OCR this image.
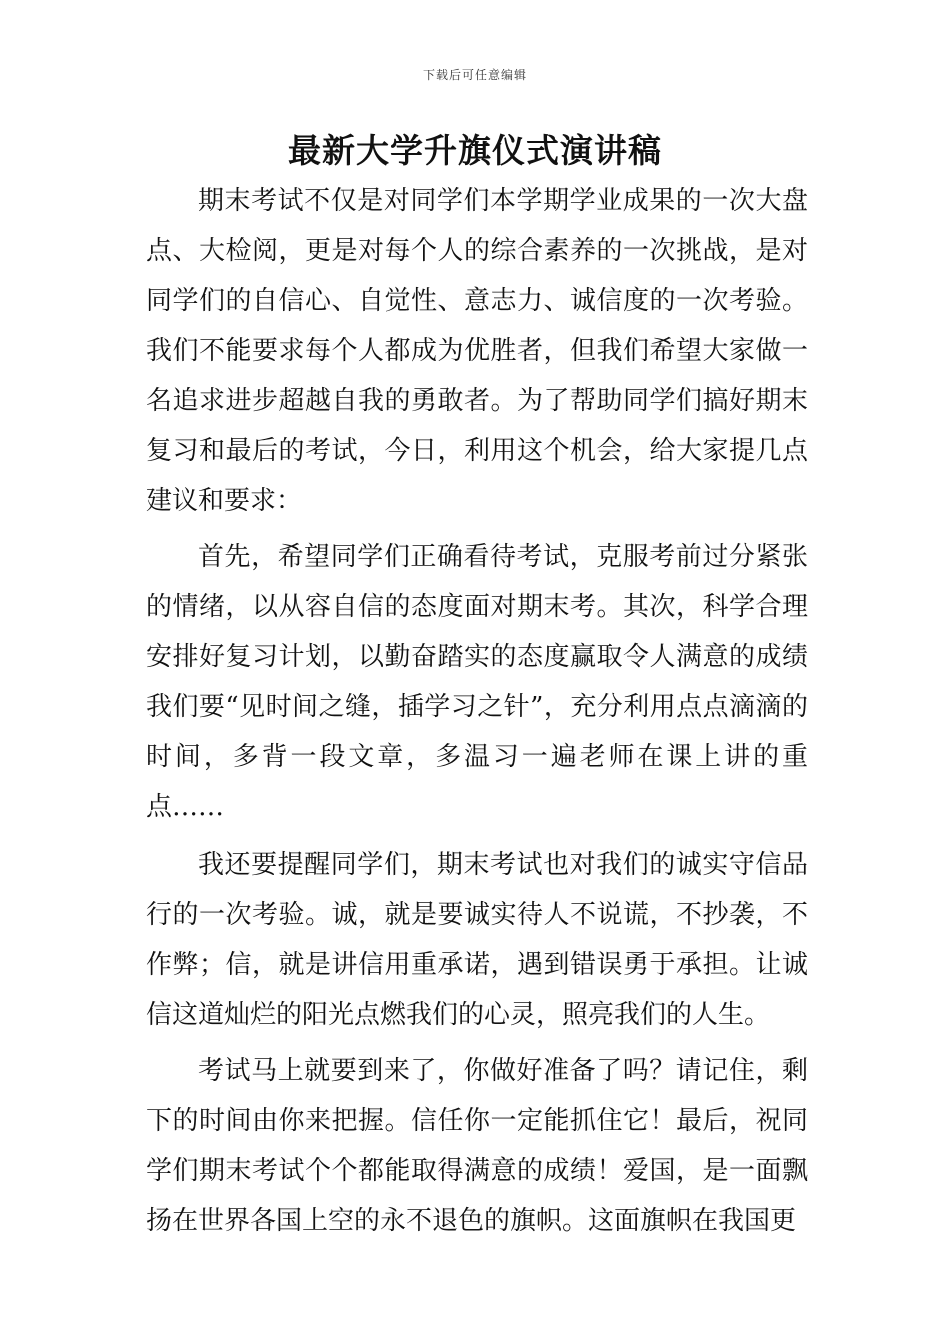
下载后可任意编辑
最新大学升旗仪式演讲稿

期末考试不仅是对同学们本学期学业成果的一次大盘点、大检阅，更是对每个人的综合素养的一次挑战，是对同学们的自信心、自觉性、意志力、诚信度的一次考验。我们不能要求每个人都成为优胜者，但我们希望大家做一名追求进步超越自我的勇敢者。为了帮助同学们搞好期末复习和最后的考试，今日，利用这个机会，给大家提几点建议和要求：

首先，希望同学们正确看待考试，克服考前过分紧张的情绪，以从容自信的态度面对期末考。其次，科学合理安排好复习计划，以勤奋踏实的态度赢取令人满意的成绩我们要“见时间之缝，插学习之针”，充分利用点点滴滴的时间，多背一段文章，多温习一遍老师在课上讲的重点……

我还要提醒同学们，期末考试也对我们的诚实守信品行的一次考验。诚，就是要诚实待人不说谎，不抄袭，不作弊；信，就是讲信用重承诺，遇到错误勇于承担。让诚信这道灿烂的阳光点燃我们的心灵，照亮我们的人生。

考试马上就要到来了，你做好准备了吗？请记住，剩下的时间由你来把握。信任你一定能抓住它！最后，祝同学们期末考试个个都能取得满意的成绩！爱国，是一面飘扬在世界各国上空的永不退色的旗帜。这面旗帜在我国更
